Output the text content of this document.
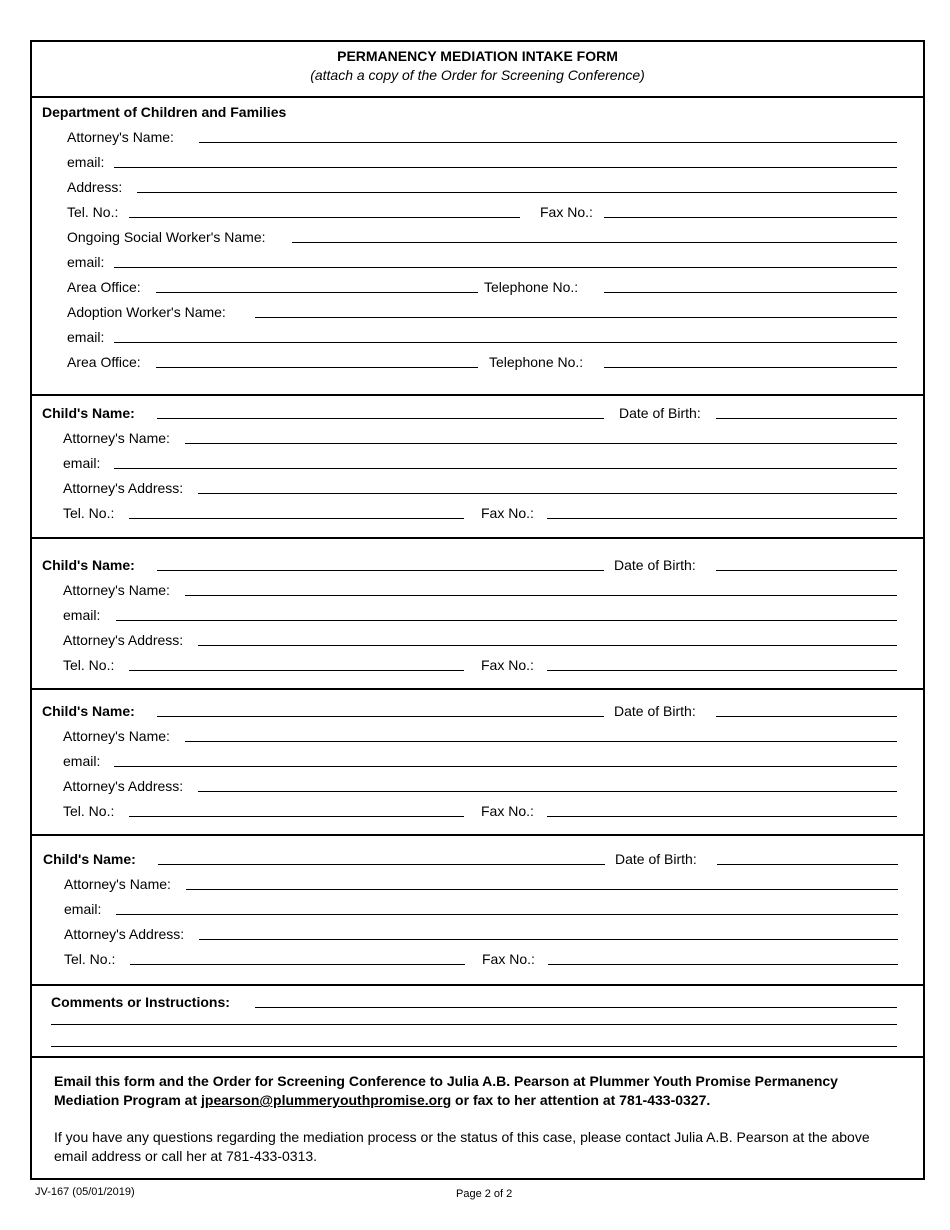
PERMANENCY MEDIATION INTAKE FORM
(attach a copy of the Order for Screening Conference)
Department of Children and Families
Attorney's Name:
email:
Address:
Tel. No.:	Fax No.:
Ongoing Social Worker's Name:
email:
Area Office:	Telephone No.:
Adoption Worker's Name:
email:
Area Office:	Telephone No.:
Child's Name:	Date of Birth:
Attorney's Name:
email:
Attorney's Address:
Tel. No.:	Fax No.:
Child's Name:	Date of Birth:
Attorney's Name:
email:
Attorney's Address:
Tel. No.:	Fax No.:
Child's Name:	Date of Birth:
Attorney's Name:
email:
Attorney's Address:
Tel. No.:	Fax No.:
Child's Name:	Date of Birth:
Attorney's Name:
email:
Attorney's Address:
Tel. No.:	Fax No.:
Comments or Instructions:
Email this form and the Order for Screening Conference to Julia A.B. Pearson at Plummer Youth Promise Permanency Mediation Program at jpearson@plummeryouthpromise.org or fax to her attention at 781-433-0327.
If you have any questions regarding the mediation process or the status of this case, please contact Julia A.B. Pearson at the above email address or call her at 781-433-0313.
JV-167 (05/01/2019)	Page 2 of 2
